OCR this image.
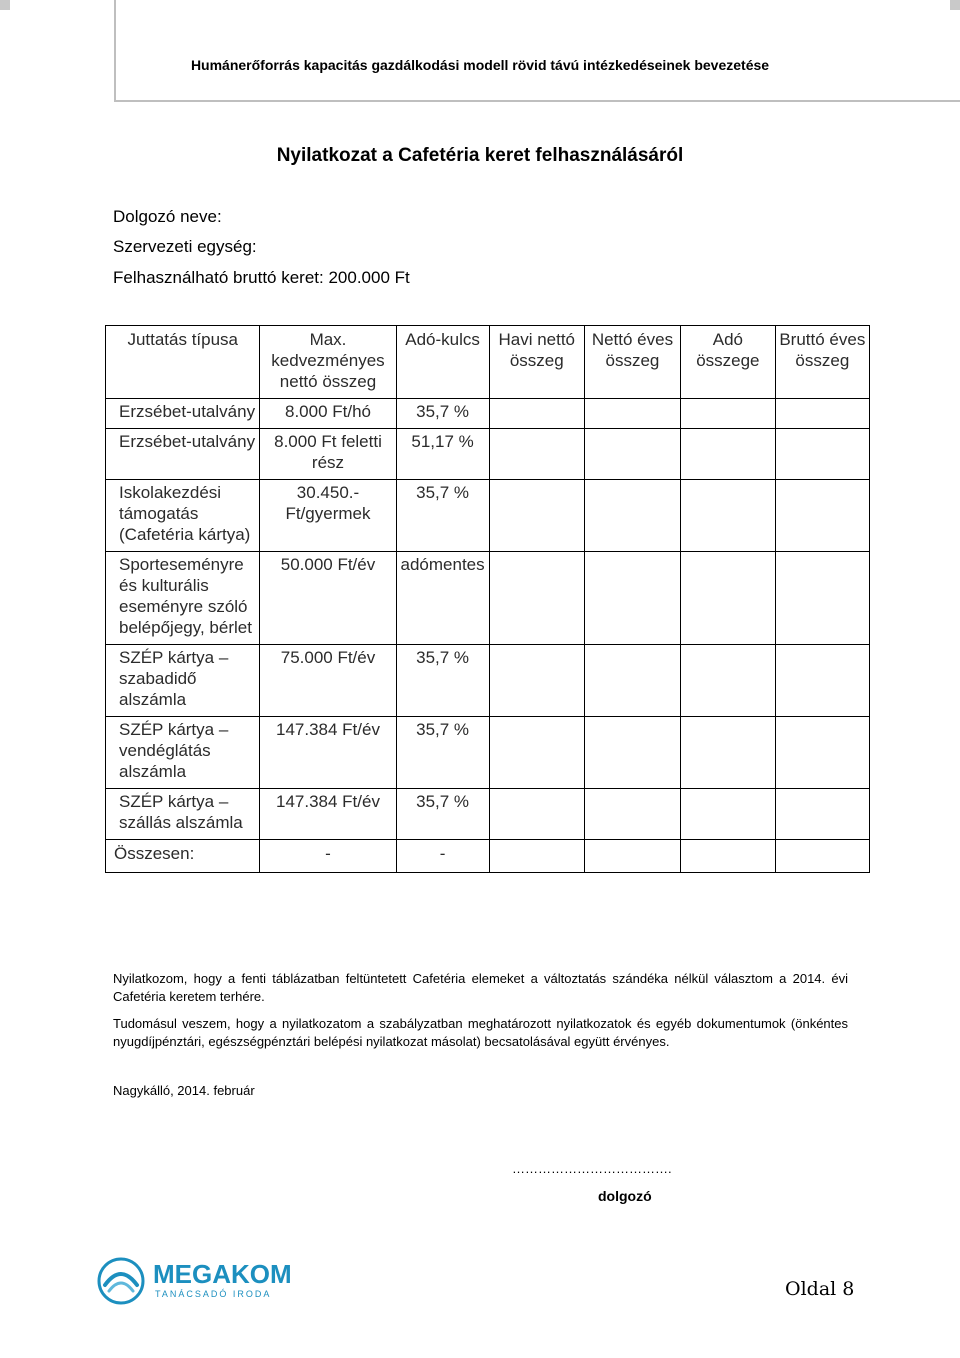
Humánerőforrás kapacitás gazdálkodási modell rövid távú intézkedéseinek bevezetése
Nyilatkozat a Cafetéria keret felhasználásáról
Dolgozó neve:
Szervezeti egység:
Felhasználható bruttó keret: 200.000 Ft
Juttatás típusa	Max. kedvezményes nettó összeg	Adó-kulcs	Havi nettó összeg	Nettó éves összeg	Adó összege	Bruttó éves összeg
Erzsébet-utalvány	8.000 Ft/hó	35,7 %				
Erzsébet-utalvány	8.000 Ft feletti rész	51,17 %				
Iskolakezdési támogatás (Cafetéria kártya)	30.450.-Ft/gyermek	35,7 %				
Sporteseményre és kulturális eseményre szóló belépőjegy, bérlet	50.000 Ft/év	adómentes				
SZÉP kártya – szabadidő alszámla	75.000 Ft/év	35,7 %				
SZÉP kártya – vendéglátás alszámla	147.384 Ft/év	35,7 %				
SZÉP kártya – szállás alszámla	147.384 Ft/év	35,7 %				
Összesen:	-	-				
Nyilatkozom, hogy a fenti táblázatban feltüntetett Cafetéria elemeket a változtatás szándéka nélkül választom a 2014. évi Cafetéria keretem terhére.
Tudomásul veszem, hogy a nyilatkozatom a szabályzatban meghatározott nyilatkozatok és egyéb dokumentumok (önkéntes nyugdíjpénztári, egészségpénztári belépési nyilatkozat másolat) becsatolásával együtt érvényes.
Nagykálló, 2014. február
……………………………….
dolgozó
MEGAKOM
TANÁCSADÓ IRODA	Oldal 8
